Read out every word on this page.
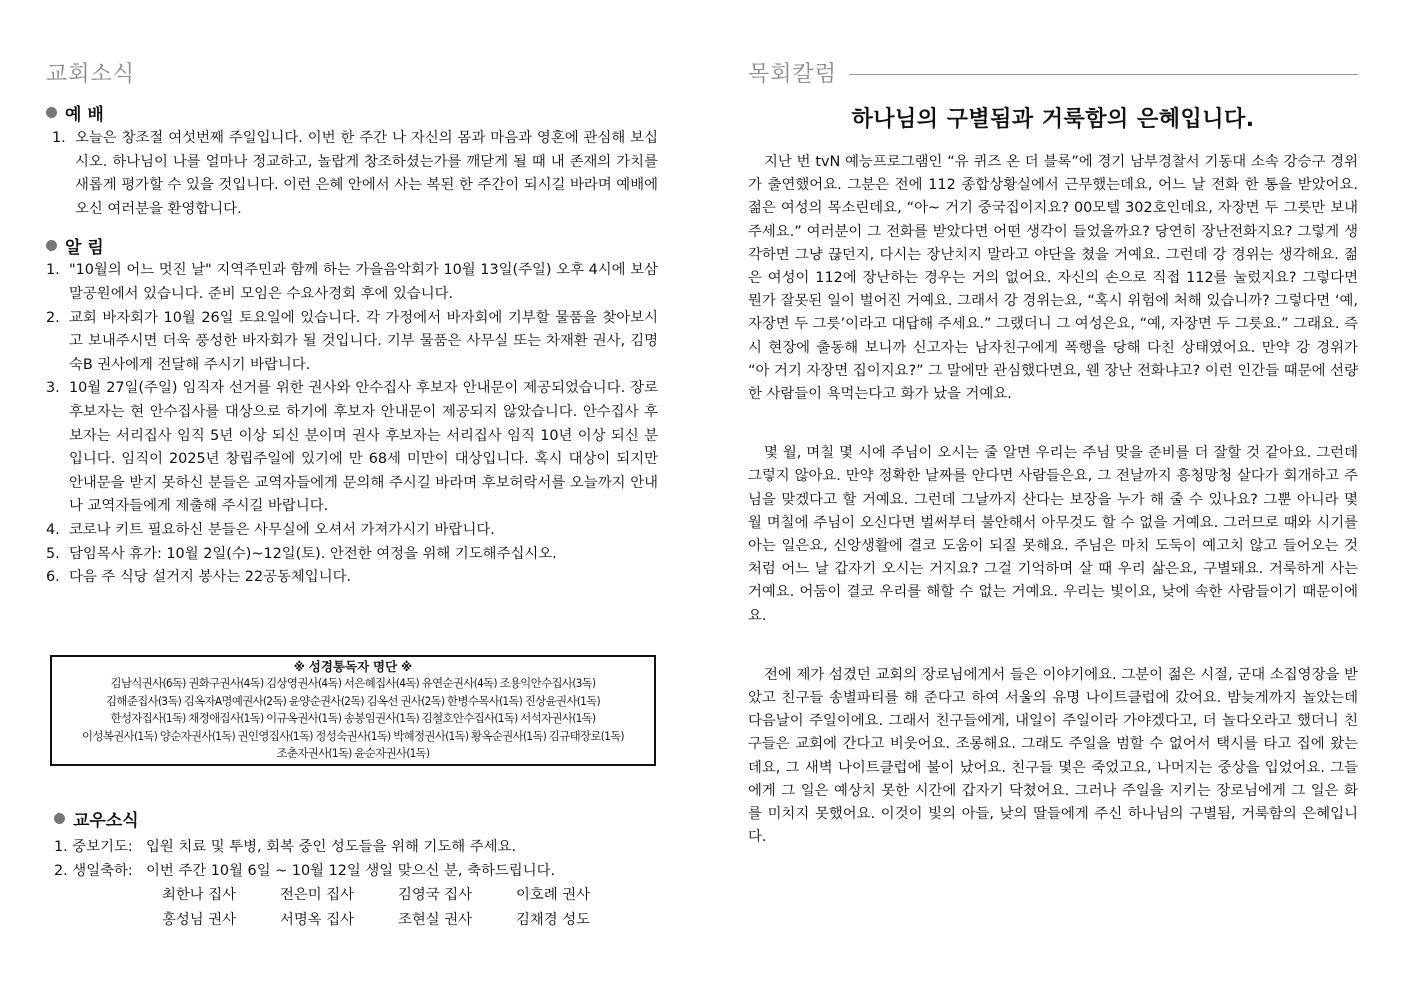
교회소식
예 배
1. 오늘은 창조절 여섯번째 주일입니다. 이번 한 주간 나 자신의 몸과 마음과 영혼에 관심해 보십시오. 하나님이 나를 얼마나 정교하고, 놀랍게 창조하셨는가를 깨닫게 될 때 내 존재의 가치를 새롭게 평가할 수 있을 것입니다. 이런 은혜 안에서 사는 복된 한 주간이 되시길 바라며 예배에 오신 여러분을 환영합니다.
알 림
1. "10월의 어느 멋진 날" 지역주민과 함께 하는 가을음악회가 10월 13일(주일) 오후 4시에 보삼말공원에서 있습니다. 준비 모임은 수요사경회 후에 있습니다.
2. 교회 바자회가 10월 26일 토요일에 있습니다. 각 가정에서 바자회에 기부할 물품을 찾아보시고 보내주시면 더욱 풍성한 바자회가 될 것입니다. 기부 물품은 사무실 또는 차재환 권사, 김명숙B 권사에게 전달해 주시기 바랍니다.
3. 10월 27일(주일) 임직자 선거를 위한 권사와 안수집사 후보자 안내문이 제공되었습니다. 장로 후보자는 현 안수집사를 대상으로 하기에 후보자 안내문이 제공되지 않았습니다. 안수집사 후보자는 서리집사 임직 5년 이상 되신 분이며 권사 후보자는 서리집사 임직 10년 이상 되신 분입니다. 임직이 2025년 창립주일에 있기에 만 68세 미만이 대상입니다. 혹시 대상이 되지만 안내문을 받지 못하신 분들은 교역자들에게 문의해 주시길 바라며 후보허락서를 오늘까지 안내나 교역자들에게 제출해 주시길 바랍니다.
4. 코로나 키트 필요하신 분들은 사무실에 오셔서 가져가시기 바랍니다.
5. 담임목사 휴가: 10월 2일(수)~12일(토). 안전한 여정을 위해 기도해주십시오.
6. 다음 주 식당 설거지 봉사는 22공동체입니다.
※ 성경통독자 명단 ※
김남식권사(6독) 권화구권사(4독) 김상영권사(4독) 서은혜집사(4독) 유연순권사(4독) 조용익안수집사(3독)
김해준집사(3독) 김옥자A명예권사(2독) 윤양순권사(2독) 김옥선 권사(2독) 한병수목사(1독) 진상윤권사(1독)
한성자집사(1독) 채정애집사(1독) 이규옥권사(1독) 송봉임권사(1독) 김철호안수집사(1독) 서석자권사(1독)
이성복권사(1독) 양순자권사(1독) 권인영집사(1독) 정성숙권사(1독) 박혜정권사(1독) 황옥순권사(1독) 김규태장로(1독)
조춘자권사(1독) 윤순자권사(1독)
교우소식
1. 중보기도: 입원 치료 및 투병, 회복 중인 성도들을 위해 기도해 주세요.
2. 생일축하: 이번 주간 10월 6일 ~ 10월 12일 생일 맞으신 분, 축하드립니다.
최한나 집사	전은미 집사	김영국 집사	이호례 권사
홍성님 권사	서명옥 집사	조현실 권사	김채경 성도
목회칼럼
하나님의 구별됨과 거룩함의 은혜입니다.

지난 번 tvN 예능프로그램인 “유 퀴즈 온 더 블록”에 경기 남부경찰서 기동대 소속 강승구 경위가 출연했어요. 그분은 전에 112 종합상황실에서 근무했는데요, 어느 날 전화 한 통을 받았어요. 젊은 여성의 목소린데요, “아~ 거기 중국집이지요? 00모텔 302호인데요, 자장면 두 그릇만 보내주세요.” 여러분이 그 전화를 받았다면 어떤 생각이 들었을까요? 당연히 장난전화지요? 그렇게 생각하면 그냥 끊던지, 다시는 장난치지 말라고 야단을 쳤을 거예요. 그런데 강 경위는 생각해요. 젊은 여성이 112에 장난하는 경우는 거의 없어요. 자신의 손으로 직접 112를 눌렀지요? 그렇다면 뭔가 잘못된 일이 벌어진 거예요. 그래서 강 경위는요, “혹시 위험에 처해 있습니까? 그렇다면 ‘예, 자장면 두 그릇’이라고 대답해 주세요.” 그랬더니 그 여성은요, “예, 자장면 두 그릇요.” 그래요. 즉시 현장에 출동해 보니까 신고자는 남자친구에게 폭행을 당해 다친 상태였어요. 만약 강 경위가 “아 거기 자장면 집이지요?” 그 말에만 관심했다면요, 웬 장난 전화냐고? 이런 인간들 때문에 선량한 사람들이 욕먹는다고 화가 났을 거예요.

몇 월, 며칠 몇 시에 주님이 오시는 줄 알면 우리는 주님 맞을 준비를 더 잘할 것 같아요. 그런데 그렇지 않아요. 만약 정확한 날짜를 안다면 사람들은요, 그 전날까지 흥청망청 살다가 회개하고 주님을 맞겠다고 할 거예요. 그런데 그날까지 산다는 보장을 누가 해 줄 수 있나요? 그뿐 아니라 몇 월 며칠에 주님이 오신다면 벌써부터 불안해서 아무것도 할 수 없을 거예요. 그러므로 때와 시기를 아는 일은요, 신앙생활에 결코 도움이 되질 못해요. 주님은 마치 도둑이 예고치 않고 들어오는 것처럼 어느 날 갑자기 오시는 거지요? 그걸 기억하며 살 때 우리 삶은요, 구별돼요. 거룩하게 사는 거예요. 어둠이 결코 우리를 해할 수 없는 거예요. 우리는 빛이요, 낮에 속한 사람들이기 때문이에요.

전에 제가 섬겼던 교회의 장로님에게서 들은 이야기에요. 그분이 젊은 시절, 군대 소집영장을 받았고 친구들 송별파티를 해 준다고 하여 서울의 유명 나이트클럽에 갔어요. 밤늦게까지 놀았는데 다음날이 주일이에요. 그래서 친구들에게, 내일이 주일이라 가야겠다고, 더 놀다오라고 했더니 친구들은 교회에 간다고 비웃어요. 조롱해요. 그래도 주일을 범할 수 없어서 택시를 타고 집에 왔는데요, 그 새벽 나이트클럽에 불이 났어요. 친구들 몇은 죽었고요, 나머지는 중상을 입었어요. 그들에게 그 일은 예상치 못한 시간에 갑자기 닥쳤어요. 그러나 주일을 지키는 장로님에게 그 일은 화를 미치지 못했어요. 이것이 빛의 아들, 낮의 딸들에게 주신 하나님의 구별됨, 거룩함의 은혜입니다.
